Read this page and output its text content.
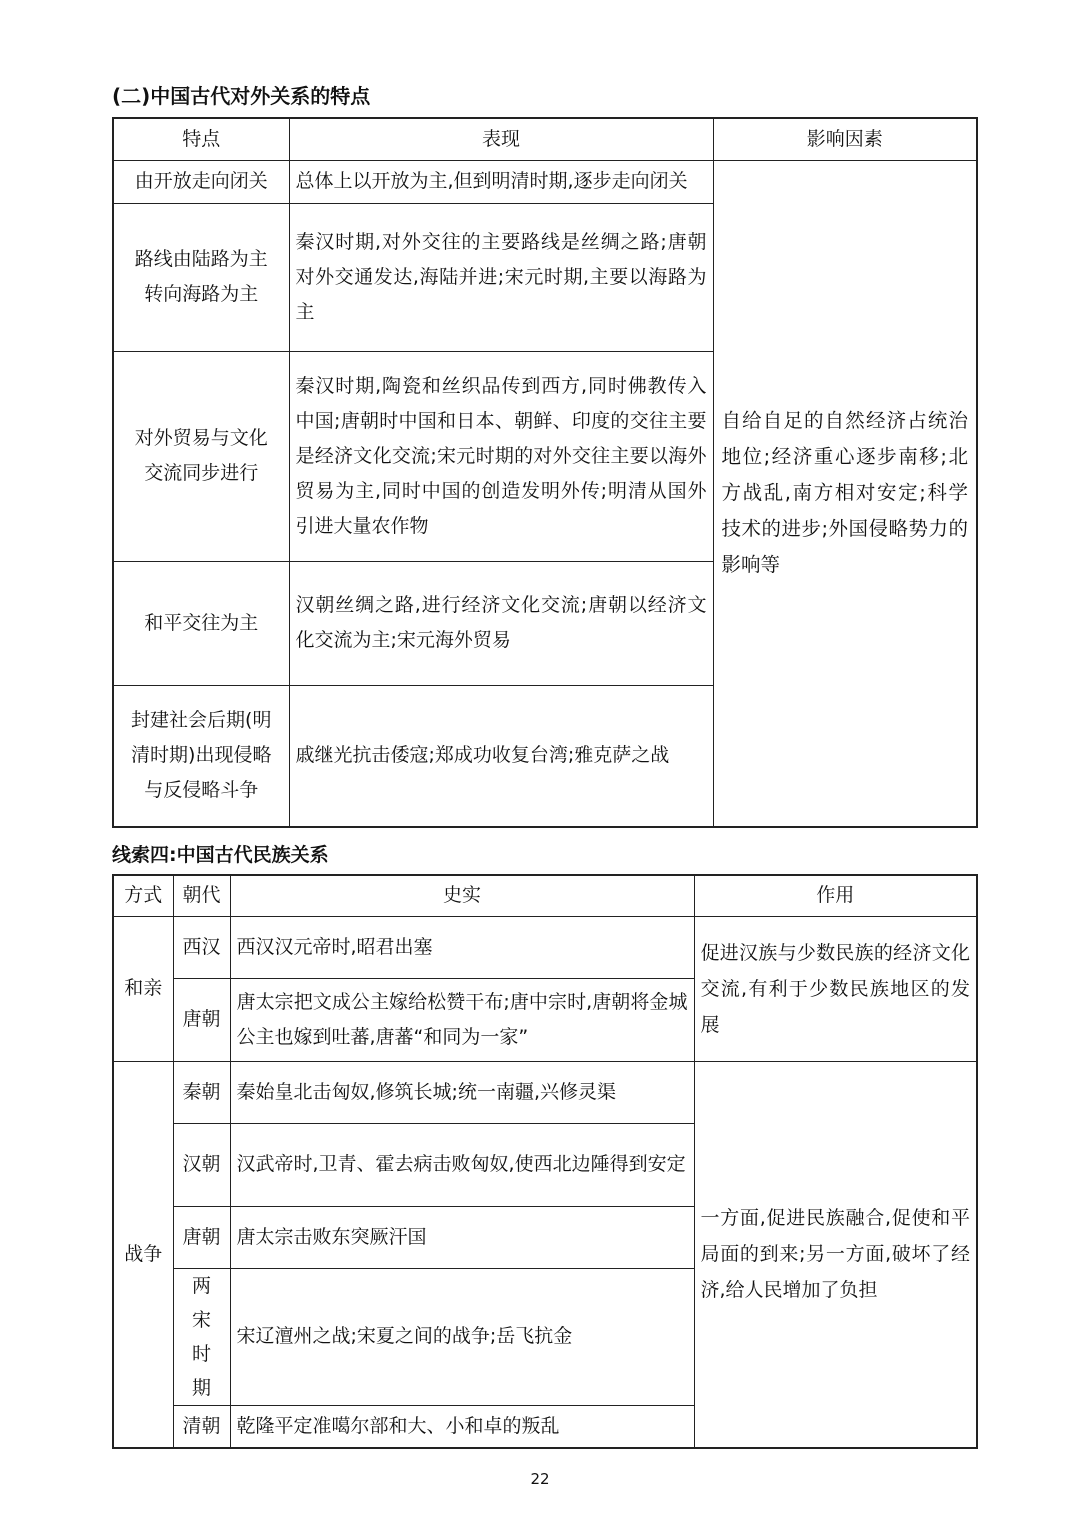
(二)中国古代对外关系的特点
特点	表现	影响因素
由开放走向闭关	总体上以开放为主,但到明清时期,逐步走向闭关	自给自足的自然经济占统治地位;经济重心逐步南移;北方战乱,南方相对安定;科学技术的进步;外国侵略势力的影响等
路线由陆路为主转向海路为主	秦汉时期,对外交往的主要路线是丝绸之路;唐朝对外交通发达,海陆并进;宋元时期,主要以海路为主	
对外贸易与文化交流同步进行	秦汉时期,陶瓷和丝织品传到西方,同时佛教传入中国;唐朝时中国和日本、朝鲜、印度的交往主要是经济文化交流;宋元时期的对外交往主要以海外贸易为主,同时中国的创造发明外传;明清从国外引进大量农作物	
和平交往为主	汉朝丝绸之路,进行经济文化交流;唐朝以经济文化交流为主;宋元海外贸易	
封建社会后期(明清时期)出现侵略与反侵略斗争	戚继光抗击倭寇;郑成功收复台湾;雅克萨之战	
线索四:中国古代民族关系
方式	朝代	史实	作用
和亲	西汉	西汉汉元帝时,昭君出塞	促进汉族与少数民族的经济文化交流,有利于少数民族地区的发展
	唐朝	唐太宗把文成公主嫁给松赞干布;唐中宗时,唐朝将金城公主也嫁到吐蕃,唐蕃“和同为一家”	
战争	秦朝	秦始皇北击匈奴,修筑长城;统一南疆,兴修灵渠	一方面,促进民族融合,促使和平局面的到来;另一方面,破坏了经济,给人民增加了负担
	汉朝	汉武帝时,卫青、霍去病击败匈奴,使西北边陲得到安定	
	唐朝	唐太宗击败东突厥汗国	
	两宋时期	宋辽澶州之战;宋夏之间的战争;岳飞抗金	
	清朝	乾隆平定准噶尔部和大、小和卓的叛乱	
22
